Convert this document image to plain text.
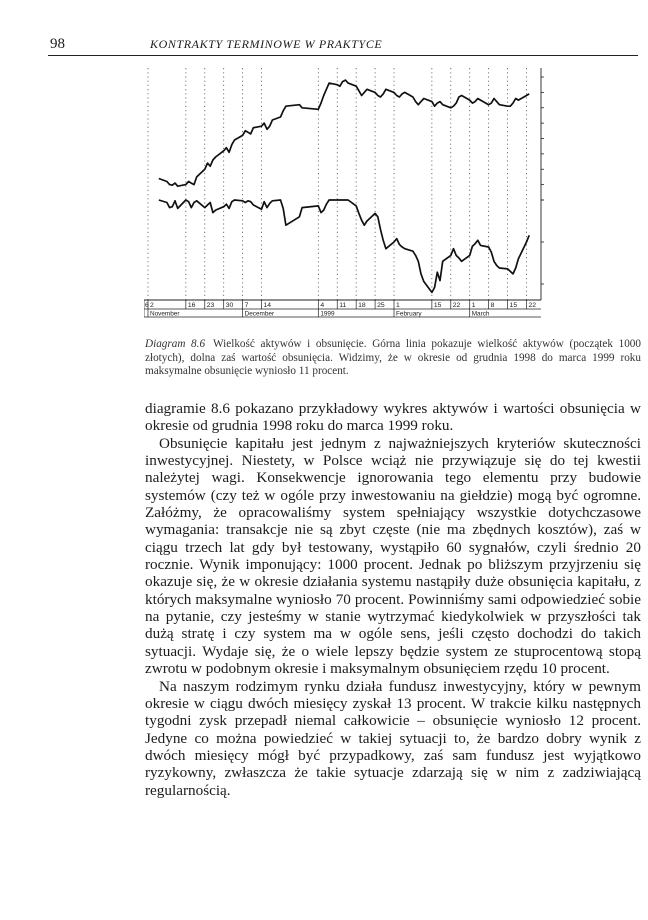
98	KONTRAKTY TERMINOWE W PRAKTYCE
6 2	16 23 30 7 14	4 11 18 25 1	15 22 1 8 15 22
November	December	1999	February	March
Diagram 8.6 Wielkość aktywów i obsunięcie. Górna linia pokazuje wielkość aktywów (początek 1000 złotych), dolna zaś wartość obsunięcia. Widzimy, że w okresie od grudnia 1998 do marca 1999 roku maksymalne obsunięcie wyniosło 11 procent.

diagramie 8.6 pokazano przykładowy wykres aktywów i wartości obsunięcia w okresie od grudnia 1998 roku do marca 1999 roku.

Obsunięcie kapitału jest jednym z najważniejszych kryteriów skuteczności inwestycyjnej. Niestety, w Polsce wciąż nie przywiązuje się do tej kwestii należytej wagi. Konsekwencje ignorowania tego elementu przy budowie systemów (czy też w ogóle przy inwestowaniu na giełdzie) mogą być ogromne. Załóżmy, że opracowaliśmy system spełniający wszystkie dotychczasowe wymagania: transakcje nie są zbyt częste (nie ma zbędnych kosztów), zaś w ciągu trzech lat gdy był testowany, wystąpiło 60 sygnałów, czyli średnio 20 rocznie. Wynik imponujący: 1000 procent. Jednak po bliższym przyjrzeniu się okazuje się, że w okresie działania systemu nastąpiły duże obsunięcia kapitału, z których maksymalne wyniosło 70 procent. Powinniśmy sami odpowiedzieć sobie na pytanie, czy jesteśmy w stanie wytrzymać kiedykolwiek w przyszłości tak dużą stratę i czy system ma w ogóle sens, jeśli często dochodzi do takich sytuacji. Wydaje się, że o wiele lepszy będzie system ze stuprocentową stopą zwrotu w podobnym okresie i maksymalnym obsunięciem rzędu 10 procent.

Na naszym rodzimym rynku działa fundusz inwestycyjny, który w pewnym okresie w ciągu dwóch miesięcy zyskał 13 procent. W trakcie kilku następnych tygodni zysk przepadł niemal całkowicie – obsunięcie wyniosło 12 procent. Jedyne co można powiedzieć w takiej sytuacji to, że bardzo dobry wynik z dwóch miesięcy mógł być przypadkowy, zaś sam fundusz jest wyjątkowo ryzykowny, zwłaszcza że takie sytuacje zdarzają się w nim z zadziwiającą regularnością.
